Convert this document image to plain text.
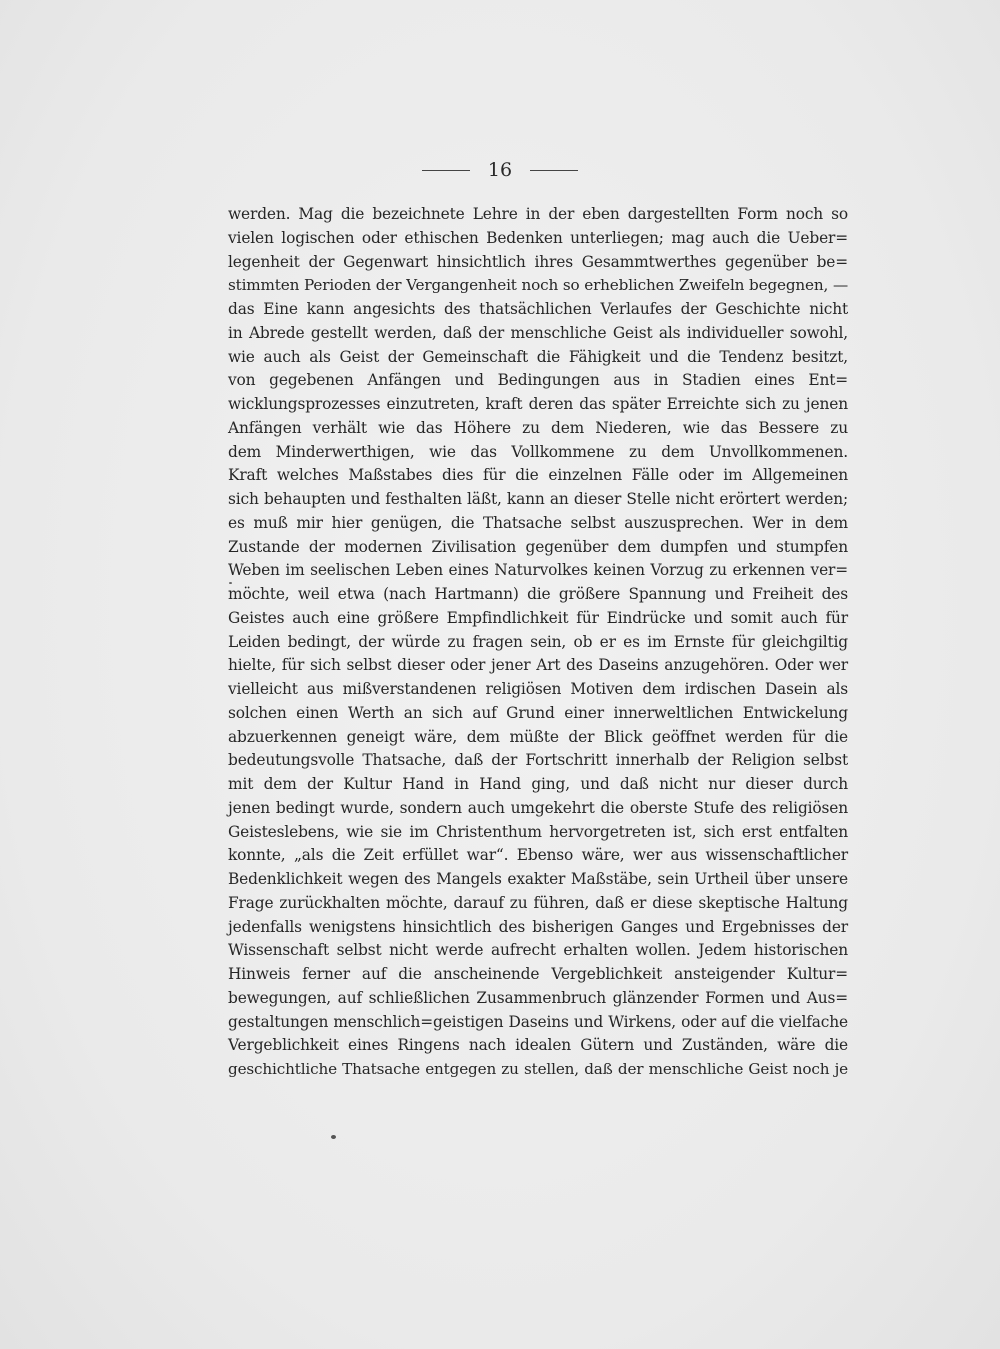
16
werden. Mag die bezeichnete Lehre in der eben dargestellten Form noch so
vielen logischen oder ethischen Bedenken unterliegen; mag auch die Ueber=
legenheit der Gegenwart hinsichtlich ihres Gesammtwerthes gegenüber be=
stimmten Perioden der Vergangenheit noch so erheblichen Zweifeln begegnen, —
das Eine kann angesichts des thatsächlichen Verlaufes der Geschichte nicht
in Abrede gestellt werden, daß der menschliche Geist als individueller sowohl,
wie auch als Geist der Gemeinschaft die Fähigkeit und die Tendenz besitzt,
von gegebenen Anfängen und Bedingungen aus in Stadien eines Ent=
wicklungsprozesses einzutreten, kraft deren das später Erreichte sich zu jenen
Anfängen verhält wie das Höhere zu dem Niederen, wie das Bessere zu
dem Minderwerthigen, wie das Vollkommene zu dem Unvollkommenen.
Kraft welches Maßstabes dies für die einzelnen Fälle oder im Allgemeinen
sich behaupten und festhalten läßt, kann an dieser Stelle nicht erörtert werden;
es muß mir hier genügen, die Thatsache selbst auszusprechen. Wer in dem
Zustande der modernen Zivilisation gegenüber dem dumpfen und stumpfen
Weben im seelischen Leben eines Naturvolkes keinen Vorzug zu erkennen ver=
möchte, weil etwa (nach Hartmann) die größere Spannung und Freiheit des
Geistes auch eine größere Empfindlichkeit für Eindrücke und somit auch für
Leiden bedingt, der würde zu fragen sein, ob er es im Ernste für gleichgiltig
hielte, für sich selbst dieser oder jener Art des Daseins anzugehören. Oder wer
vielleicht aus mißverstandenen religiösen Motiven dem irdischen Dasein als
solchen einen Werth an sich auf Grund einer innerweltlichen Entwickelung
abzuerkennen geneigt wäre, dem müßte der Blick geöffnet werden für die
bedeutungsvolle Thatsache, daß der Fortschritt innerhalb der Religion selbst
mit dem der Kultur Hand in Hand ging, und daß nicht nur dieser durch
jenen bedingt wurde, sondern auch umgekehrt die oberste Stufe des religiösen
Geisteslebens, wie sie im Christenthum hervorgetreten ist, sich erst entfalten
konnte, „als die Zeit erfüllet war“. Ebenso wäre, wer aus wissenschaftlicher
Bedenklichkeit wegen des Mangels exakter Maßstäbe, sein Urtheil über unsere
Frage zurückhalten möchte, darauf zu führen, daß er diese skeptische Haltung
jedenfalls wenigstens hinsichtlich des bisherigen Ganges und Ergebnisses der
Wissenschaft selbst nicht werde aufrecht erhalten wollen. Jedem historischen
Hinweis ferner auf die anscheinende Vergeblichkeit ansteigender Kultur=
bewegungen, auf schließlichen Zusammenbruch glänzender Formen und Aus=
gestaltungen menschlich=geistigen Daseins und Wirkens, oder auf die vielfache
Vergeblichkeit eines Ringens nach idealen Gütern und Zuständen, wäre die
geschichtliche Thatsache entgegen zu stellen, daß der menschliche Geist noch je
